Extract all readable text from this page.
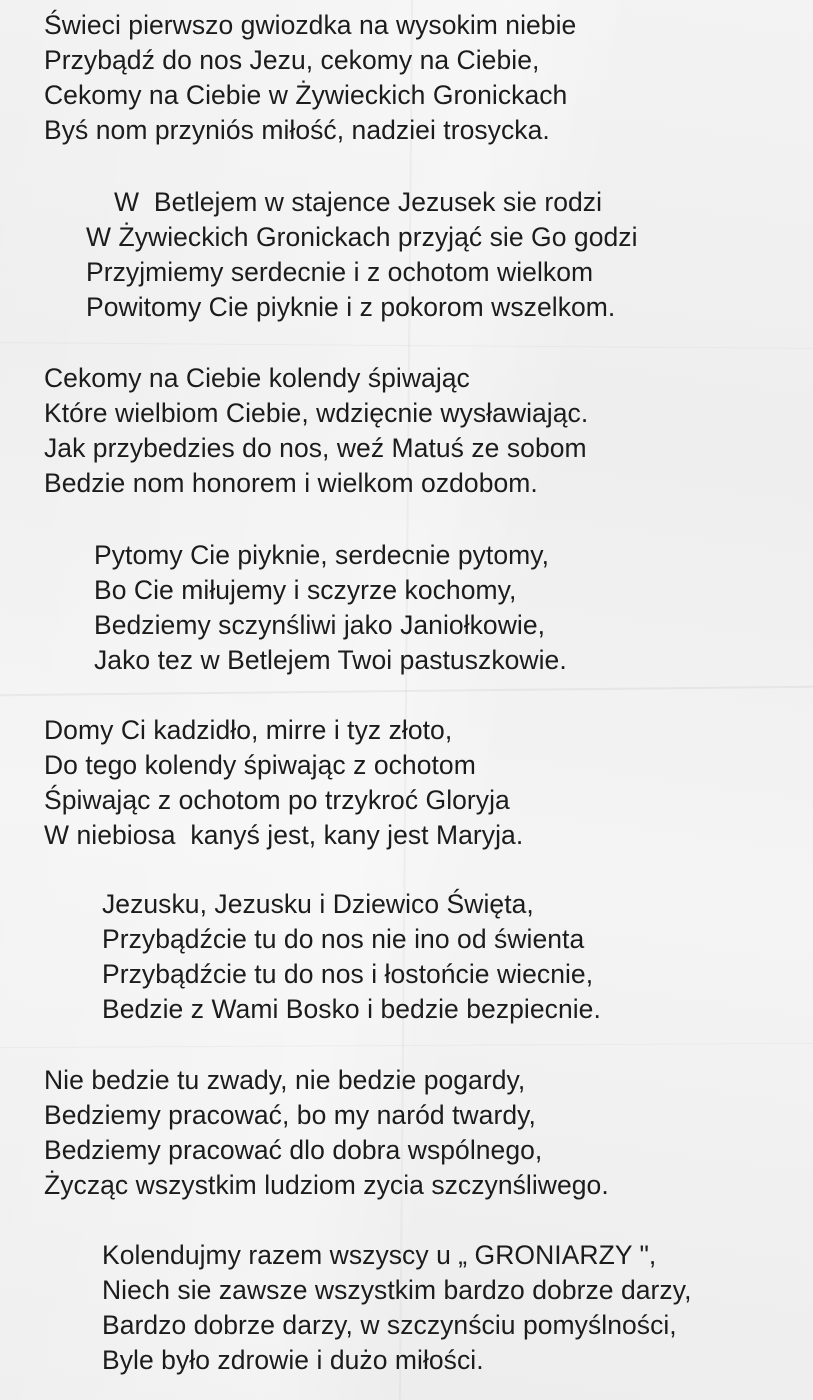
Świeci pierwszo gwiozdka na wysokim niebie
Przybądź do nos Jezu, cekomy na Ciebie,
Cekomy na Ciebie w Żywieckich Gronickach
Byś nom przyniós miłość, nadziei trosycka.
W  Betlejem w stajence Jezusek sie rodzi
W Żywieckich Gronickach przyjąć sie Go godzi
Przyjmiemy serdecnie i z ochotom wielkom
Powitomy Cie piyknie i z pokorom wszelkom.
Cekomy na Ciebie kolendy śpiwając
Które wielbiom Ciebie, wdzięcnie wysławiając.
Jak przybedzies do nos, weź Matuś ze sobom
Bedzie nom honorem i wielkom ozdobom.
Pytomy Cie piyknie, serdecnie pytomy,
Bo Cie miłujemy i sczyrze kochomy,
Bedziemy sczynśliwi jako Janiołkowie,
Jako tez w Betlejem Twoi pastuszkowie.
Domy Ci kadzidło, mirre i tyz złoto,
Do tego kolendy śpiwając z ochotom
Śpiwając z ochotom po trzykroć Gloryja
W niebiosa  kanyś jest, kany jest Maryja.
Jezusku, Jezusku i Dziewico Święta,
Przybądźcie tu do nos nie ino od świenta
Przybądźcie tu do nos i łostońcie wiecnie,
Bedzie z Wami Bosko i bedzie bezpiecnie.
Nie bedzie tu zwady, nie bedzie pogardy,
Bedziemy pracować, bo my naród twardy,
Bedziemy pracować dlo dobra wspólnego,
Życząc wszystkim ludziom zycia szczynśliwego.
Kolendujmy razem wszyscy u „ GRONIARZY ",
Niech sie zawsze wszystkim bardzo dobrze darzy,
Bardzo dobrze darzy, w szczynściu pomyślności,
Byle było zdrowie i dużo miłości.
